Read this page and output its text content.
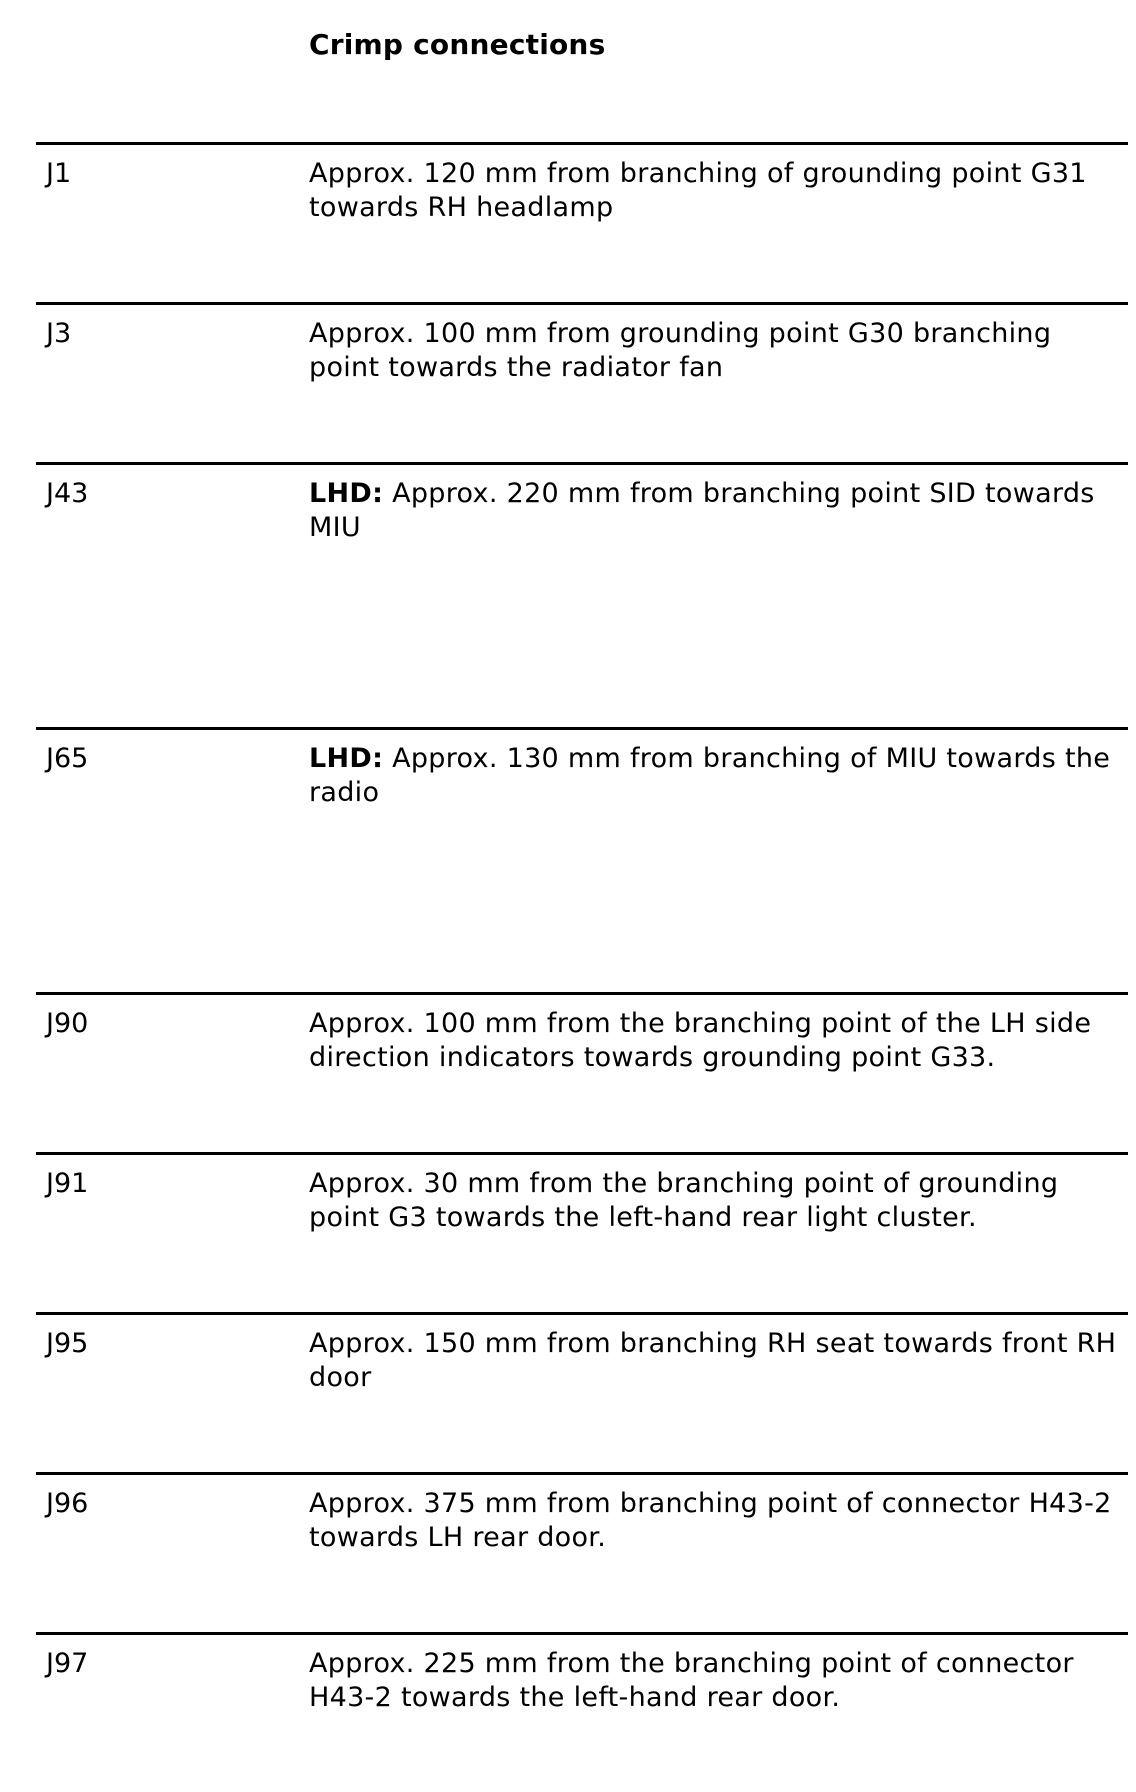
Crimp connections
J1	Approx. 120 mm from branching of grounding point G31 towards RH headlamp
J3	Approx. 100 mm from grounding point G30 branching point towards the radiator fan
J43	LHD: Approx. 220 mm from branching point SID towards MIU
J65	LHD: Approx. 130 mm from branching of MIU towards the radio
J90	Approx. 100 mm from the branching point of the LH side direction indicators towards grounding point G33.
J91	Approx. 30 mm from the branching point of grounding point G3 towards the left-hand rear light cluster.
J95	Approx. 150 mm from branching RH seat towards front RH door
J96	Approx. 375 mm from branching point of connector H43-2 towards LH rear door.
J97	Approx. 225 mm from the branching point of connector H43-2 towards the left-hand rear door.
